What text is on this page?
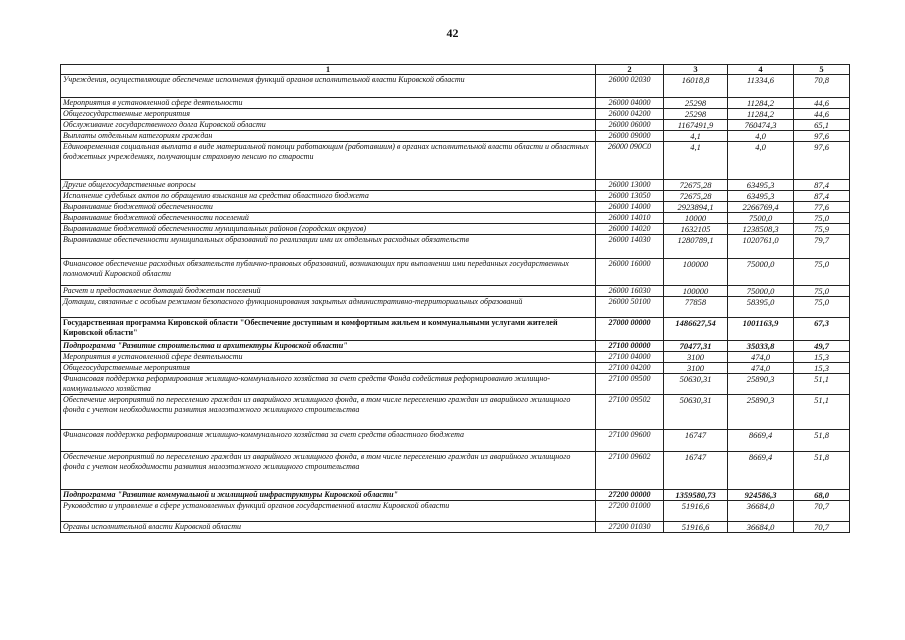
42
1	2	3	4	5
Учреждения, осуществляющие обеспечение исполнения функций органов исполнительной власти Кировской области	26000 02030	16018,8	11334,6	70,8
Мероприятия в установленной сфере деятельности	26000 04000	25298	11284,2	44,6
Общегосударственные мероприятия	26000 04200	25298	11284,2	44,6
Обслуживание государственного долга Кировской области	26000 06000	1167491,9	760474,3	65,1
Выплаты отдельным категориям граждан	26000 09000	4,1	4,0	97,6
Единовременная социальная выплата в виде материальной помощи работающим (работавшим) в органах исполнительной власти области и областных бюджетных учреждениях, получающим страховую пенсию по старости	26000 090С0	4,1	4,0	97,6
Другие общегосударственные вопросы	26000 13000	72675,28	63495,3	87,4
Исполнение судебных актов по обращению взыскания на средства областного бюджета	26000 13050	72675,28	63495,3	87,4
Выравнивание бюджетной обеспеченности	26000 14000	2923894,1	2266769,4	77,6
Выравнивание бюджетной обеспеченности поселений	26000 14010	10000	7500,0	75,0
Выравнивание бюджетной обеспеченности муниципальных районов (городских округов)	26000 14020	1632105	1238508,3	75,9
Выравнивание обеспеченности муниципальных образований по реализации ими их отдельных расходных обязательств	26000 14030	1280789,1	1020761,0	79,7
Финансовое обеспечение расходных обязательств публично-правовых образований, возникающих при выполнении ими переданных государственных полномочий Кировской области	26000 16000	100000	75000,0	75,0
Расчет и предоставление дотаций бюджетам поселений	26000 16030	100000	75000,0	75,0
Дотации, связанные с особым режимом безопасного функционирования закрытых административно-территориальных образований	26000 50100	77858	58395,0	75,0
Государственная программа Кировской области "Обеспечение доступным и комфортным жильем и коммунальными услугами жителей Кировской области"	27000 00000	1486627,54	1001163,9	67,3
Подпрограмма "Развитие строительства и архитектуры Кировской области"	27100 00000	70477,31	35033,8	49,7
Мероприятия в установленной сфере деятельности	27100 04000	3100	474,0	15,3
Общегосударственные мероприятия	27100 04200	3100	474,0	15,3
Финансовая поддержка реформирования жилищно-коммунального хозяйства за счет средств Фонда содействия реформированию жилищно-коммунального хозяйства	27100 09500	50630,31	25890,3	51,1
Обеспечение мероприятий по переселению граждан из аварийного жилищного фонда, в том числе переселению граждан из аварийного жилищного фонда с учетом необходимости развития малоэтажного жилищного строительства	27100 09502	50630,31	25890,3	51,1
Финансовая поддержка реформирования жилищно-коммунального хозяйства за счет средств областного бюджета	27100 09600	16747	8669,4	51,8
Обеспечение мероприятий по переселению граждан из аварийного жилищного фонда, в том числе переселению граждан из аварийного жилищного фонда с учетом необходимости развития малоэтажного жилищного строительства	27100 09602	16747	8669,4	51,8
Подпрограмма "Развитие коммунальной и жилищной инфраструктуры Кировской области"	27200 00000	1359580,73	924586,3	68,0
Руководство и управление в сфере установленных функций органов государственной власти Кировской области	27200 01000	51916,6	36684,0	70,7
Органы исполнительной власти Кировской области	27200 01030	51916,6	36684,0	70,7
